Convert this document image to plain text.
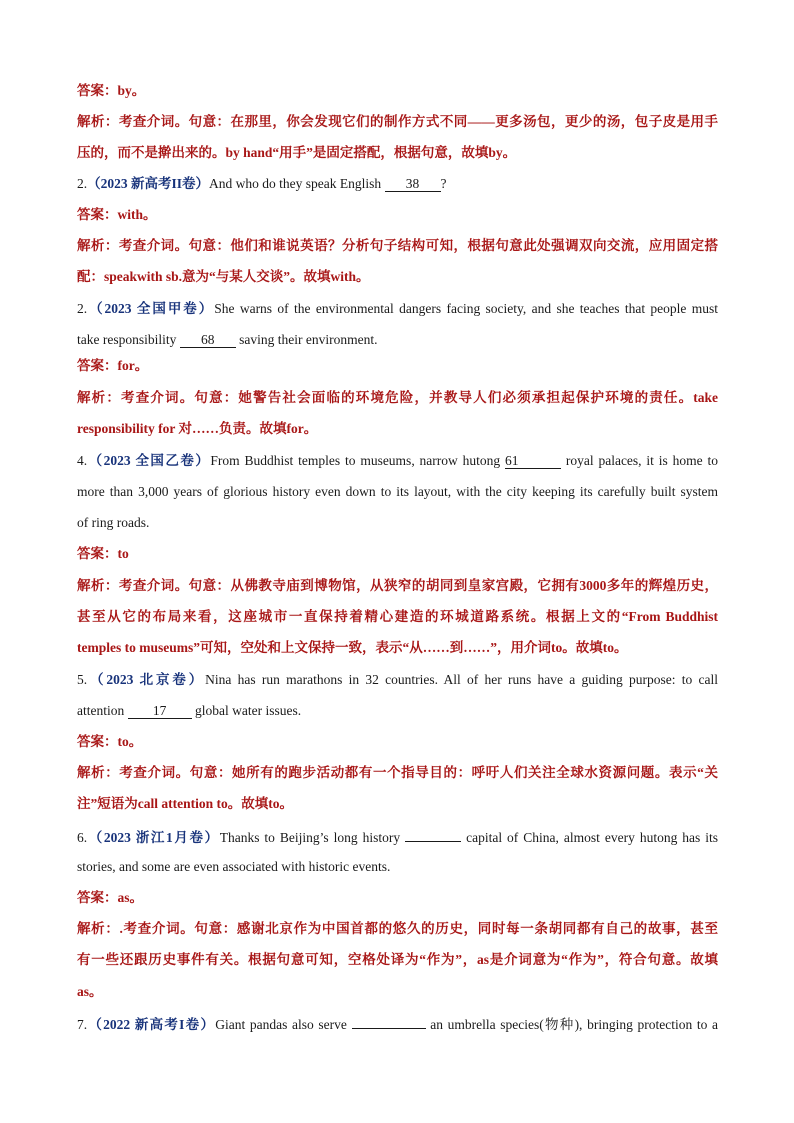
答案：by。
解析：考查介词。句意：在那里，你会发现它们的制作方式不同——更多汤包，更少的汤，包子皮是用手
压的，而不是擀出来的。by hand“用手”是固定搭配，根据句意，故填by。
2.（2023 新高考II卷）And who do they speak English 38 ?
答案：with。
解析：考查介词。句意：他们和谁说英语？分析句子结构可知，根据句意此处强调双向交流，应用固定搭
配：speakwith sb.意为“与某人交谈”。故填with。
2.（2023 全国甲卷）She warns of the environmental dangers facing society, and she teaches that people must
take responsibility 68 saving their environment.
答案：for。
解析：考查介词。句意：她警告社会面临的环境危险，并教导人们必须承担起保护环境的责任。take
responsibility for 对……负责。故填for。
4.（2023 全国乙卷）From Buddhist temples to museums, narrow hutong 61	royal palaces, it is home to
more than 3,000 years of glorious history even down to its layout, with the city keeping its carefully built system
of ring roads.
答案：to
解析：考查介词。句意：从佛教寺庙到博物馆，从狭窄的胡同到皇家宫殿，它拥有3000多年的辉煌历史，
甚至从它的布局来看，这座城市一直保持着精心建造的环城道路系统。根据上文的“From Buddhist
temples to museums”可知，空处和上文保持一致，表示“从……到……”，用介词to。故填to。
5.（2023 北京卷）Nina has run marathons in 32 countries. All of her runs have a guiding purpose: to call
attention 17 global water issues.
答案：to。
解析：考查介词。句意：她所有的跑步活动都有一个指导目的：呼吁人们关注全球水资源问题。表示“关
注”短语为call attention to。故填to。
6.（2023 浙江1月卷）Thanks to Beijing’s long history	capital of China, almost every hutong has its
stories, and some are even associated with historic events.
答案：as。
解析：.考查介词。句意：感谢北京作为中国首都的悠久的历史，同时每一条胡同都有自己的故事，甚至
有一些还跟历史事件有关。根据句意可知，空格处译为“作为”，as是介词意为“作为”，符合句意。故填
as。
7.（2022 新高考I卷）Giant pandas also serve	an umbrella species(物种), bringing protection to a
